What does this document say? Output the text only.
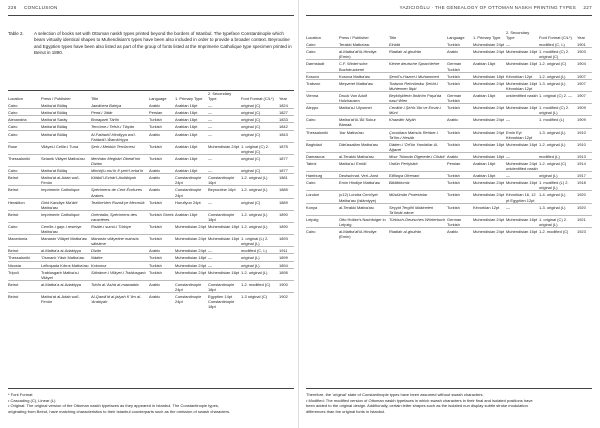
226 CONCLUSION
Table 2.	A selection of books set with Ottoman naskh types printed beyond the borders of Istanbul. The typeface Constantinople which bears virtually identical shapes to Muhendisian's types have been also included in order to provide a broader context. Beyroutine and Egyptien types have been also listed as part of the group of fonts listed at the Imprimerie Catholique type specimen printed in Beirut in 1890.
Location	Press / Publisher	Title	Language	1. Primary Type	2. Secondary Type	Font Format (C/L*)	Year
Cairo	Matba'at Bûlâq	Jawâhera Bahiya	Arabic	Arabian 16pt	—	original (C)	1824
Cairo	Matba'at Bûlâq	Pend-i 'Attâr	Persian	Arabian 16pt	—	original (C)	1827
Alexandria	Matba'at Sarây	Bonaparti Târîhi	Turkish	Arabian 16pt	—	original (C)	1833
Cairo	Matba'at Bûlâq	Tercüme-i Tefsîr-i Tibyân	Turkish	Arabian 16pt	—	original (C)	1842
Cairo	Matba'at Bûlâq	Al-Fatâwâ'l-Hindiyya wa'l-Fatâwâ'l-'Âlamkîriyya	Arabic	Arabian 16pt	—	original (C)	1843
Ruse	Vilâyet-i Celîle-i Tuna	Şerh-i Mektûb Tercümesi	Turkish	Arabian 16pt	Muhendisian 24pt	1. original (C) 2. original (C)	1875
Thessaloniki	Selanik Vilâyet Matba'ası	Menhâm Meghâri Öbeidî'nin Divânı	Turkish	Arabian 16pt	—	original (C)	1877
Cairo	Matba'at Bûlâq	Minhâj'u-mu'în fî şerh'i-erba'în	Arabic	Arabian 16pt	—	original (C)	1877
Beirut	Matba'at al-Adab wa'l-Fenûn	Kitâbü'l-Ezhâr'l-Ardâbiyah	Arabic	Constantinople 24pt	Constantinople 16pt	1-2. original (L)	1881
Beirut	Imprimerie Catholique	Spécimens de Cent Écritures Arabes	Arabic	Constantinople 24pt	Beyroutine 16pt	1-2. original (L)	1885
Heraklion	Girid Kandiye Ma'ârif Matba'ası	Tezkire'den Ruznâ'ye Mecmûâ	Turkish	Hurufiyun 24pt	—	original (C)	1889
Beirut	Imprimerie Catholique	Orientalia, Spécimens des caractères	Turkish Greek	Arabian 16pt	Constantinople 18pt	1-2. original (L)	1890
Cairo	Cemîle-i gayr-i resmiye Matba'ası	Risâle-i sumû-i Türkiye	Turkish	Muhendisian 24pt	Muhendisian 18pt	1-2. original (L)	1890
Macedonia	Manastır Vilâyet Matba'ası	Manastır vilâyetine mahsûs sâlnâme	Turkish	Muhendisian 24pt	Muhendisian 16pt	1. original (L) 2. original (L)	1893
Beirut	al-Matba'a al-Adabiyya	Divân	Arabic	Muhendisian 24pt	—	modified (C, L)	1911
Thessaloniki	'Osmanlı Yâsir Matba'ası	Nâdire	Turkish	Muhendisian 18pt	—	original (L)	1899
Nicosia	Lefkoşada Kıbrıs Matba'ası	Kokonoz	Turkish	Muhendisian 24pt	—	original (L)	1894
Tripoli	Trablusgarb Matba'a-i Vilâyet	Sâlnâme-i Vilâyet-i Trablusgarb	Turkish	Muhendisian 24pt	Muhendisian 18pt	1-2. original (L)	1895
Beirut	al-Matba'a al-Adabiyya	Tuhfa al-'Ashâ al-mawadda	Arabic	Constantinople 24pt	Constantinople 18pt	1-2. modified (C)	1900
Beirut	Matba'at al-Adab wa'l-Fenûn	Al-Qawâ'id al-jalyah fî 'ilm al-'Arabiyah	Arabic	Constantinople 24pt	Egyptien 14pt Constantinople 18pt	1-3 original (C)	1902
* Font Format
• Cascading (C), Linear (L)
• Original: The original version of the Ottoman naskh typefaces as they appeared in Istanbul. The Constantinople types,
originating from Beirut, have matching characteristics to their Istanbul counterparts such as the omission of swash characters.
YAZICIOĞLU · THE GENEALOGY OF OTTOMAN NASKH PRINTING TYPES 227
Location	Press / Publisher	Title	Language	1. Primary Type	2. Secondary Type	Font Format (C/L*)	Year
Cairo	Terakki Matba'ası	Elnidâ	Turkish	Muhendisian 24pt	—	modified (C, L)	1901
Cairo	al-Matba'at'ül-Hindiye (Emin)	Riadiah al-ghufrân	Arabic	Muhendisian 24pt	Muhendisian 16pt	1. modified (C) 2. original (C)	1903
Darmstadt	C.F. Winter'sche Buchdruckerei	Kleine deutsche Sprachlehre	German Turkish	Arabian 16pt	Muhendisian 16pt	1-2. original (C)	1904
Kosovo	Kosova Matba'ası	Şemîl's-Hazret-i Muhammed	Turkish	Muhendisian 18pt	Kêvorkian 12pt	1-2. original (L)	1907
Trabzon	Meşveret Matba'ası	Trabzon Rehnümâsı Şehîd-i Muhtemen İlişki	Turkish	Muhendisian 24pt	Muhendisian 16pt Kêvorkian 12pt	1-3. original (L)	1907
Vienna	Druck Von Adolf Holzhausen	Beyköşkferin İbrâhîm Paşa'da nasıl Wien	German Turkish	Arabian 16pt	unidentified naskh	1. original (C) 2. —	1907
Aleppo	Matba'a-i Ulyunnet	Cevâhir-i Şehîr-'Ilbi ve Envâr-i Mûnî	Turkish	Muhendisian 24pt	Muhendisian 16pt	1. modified (C) 2. original (L)	1909
Cairo	Matba'at'ül-'Âlî Sukur Bâmaâ	Khawâfır Niyâh	Arabic	Muhendisian 24pt	—	1. modified (L)	1909
Thessaloniki	'Asr Matba'ası	Çocuklara Mahsûs Rehber-i Ta'lîm-i Hesâb	Turkish	Muhendisian 24pt	Emin Eyi Kêvorkian 12pt	1-3. original (L)	1910
Baghdad	Dârüssalâm Matba'ası	Dâden-i 'Örf'ün Yanıldılar-ül-Ağavet	Turkish	Muhendisian 18pt	Muhendisian 16pt	1-2. original (L)	1910
Damascus	al-Terakki Matba'ası	Mısır Tolonda Ölgerede-i Cihâdi	Arabic	Muhendisian 18pt	—	modified (L)	1913
Tabriz	Matba'a-i Emîdî	Ürdûn Perîşhâdı	Persian	Arabian 16pt	Muhendisian 24pt unidentified naskh	1-2. original (C)	1914
Hamburg	Deutschnat. Verl.-Anst	Elifbaya Ofrenani	Turkish	Arabian 16pt	—	original (L)	1917
Cairo	Emin Hindiye Matba'ası	Bildikkinmiz	Turkish	Muhendisian 24pt	Muhendisian 16pt	1. modified (L) 2. original (L)	1918
London	(c12) Londra Cem'iyet Matba'ası (Islâmiyye)	Müslümân Protestolar	Turkish	Muhendisian 24pt	Kêvorkian 16, 12 pt Egyptien 12pt	1-4. original (L)	1920
Konya	al-Terakki Matba'ası	Seyyid Tergîhî Makineleri Ta'lîmât-nâme	Turkish	Kêvorkian 12pt	—	1-3. original (L)	1920
Leipzig	Otto Holtze's Nachfolger in Leipzig	Türkisch-Deutsches Wörterbuch	German Turkish	Muhendisian 24pt	Muhendisian 16pt	1. original (C) 2. original (L)	1921
Cairo	al-Matba'at'ül-Hindiye (Emin)	Riadiah al-ghufrân	Arabic	Muhendisian 24pt	Muhendisian 16pt	1-2. modified (C)	1923
Therefore, the 'original' state of Constantinople types have been assumed without swash characters.
• Modified: The modified version of Ottoman naskh typefaces in which swash characters in their final and isolated positions have
been added to the original design. Additionally, certain letter shapes such as the isolated nun display subtle stroke modulation
differences than the original fonts in Istanbul.
